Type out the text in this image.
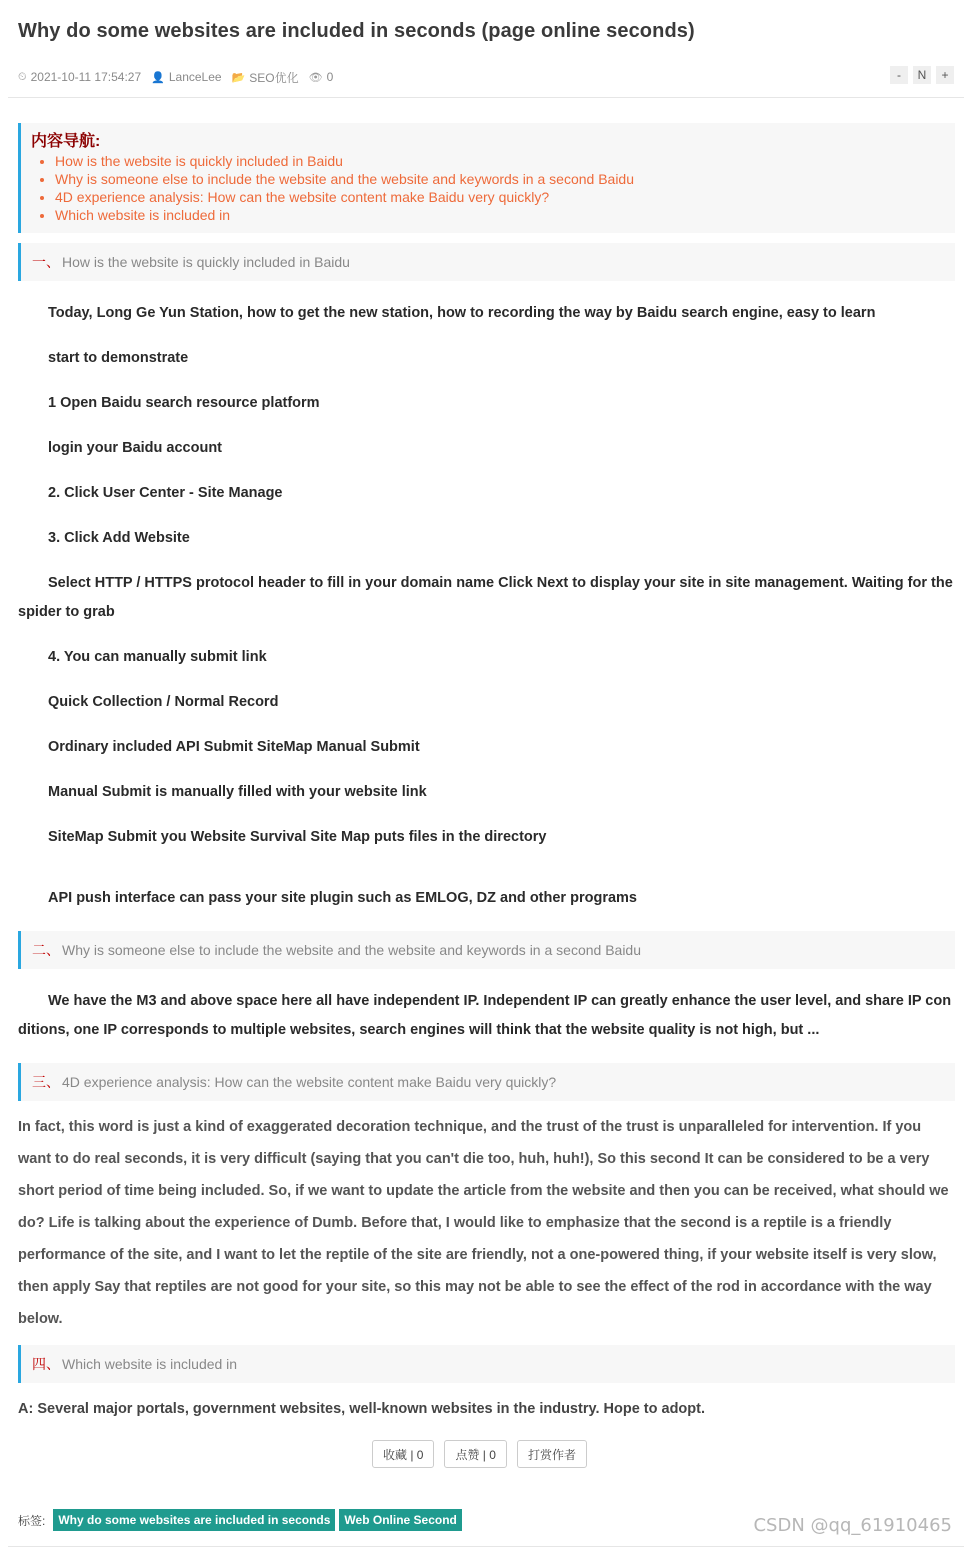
Why do some websites are included in seconds (page online seconds)
⏲ 2021-10-11 17:54:27 👤 LanceLee 📂 SEO优化 👁 0	-	N	+

内容导航:

• How is the website is quickly included in Baidu
• Why is someone else to include the website and the website and keywords in a second Baidu
• 4D experience analysis: How can the website content make Baidu very quickly?
• Which website is included in
一、 How is the website is quickly included in Baidu

Today, Long Ge Yun Station, how to get the new station, how to recording the way by Baidu search engine, easy to learn

start to demonstrate

1 Open Baidu search resource platform

login your Baidu account

2. Click User Center - Site Manage

3. Click Add Website

Select HTTP / HTTPS protocol header to fill in your domain name Click Next to display your site in site management. Waiting for the spider to grab

4. You can manually submit link

Quick Collection / Normal Record

Ordinary included API Submit SiteMap Manual Submit

Manual Submit is manually filled with your website link

SiteMap Submit you Website Survival Site Map puts files in the directory

API push interface can pass your site plugin such as EMLOG, DZ and other programs

二、 Why is someone else to include the website and the website and keywords in a second Baidu

We have the M3 and above space here all have independent IP. Independent IP can greatly enhance the user level, and share IP conditions, one IP corresponds to multiple websites, search engines will think that the website quality is not high, but ...

三、 4D experience analysis: How can the website content make Baidu very quickly?

In fact, this word is just a kind of exaggerated decoration technique, and the trust of the trust is unparalleled for intervention. If you want to do real seconds, it is very difficult (saying that you can't die too, huh, huh!), So this second It can be considered to be a very short period of time being included. So, if we want to update the article from the website and then you can be received, what should we do? Life is talking about the experience of Dumb. Before that, I would like to emphasize that the second is a reptile is a friendly performance of the site, and I want to let the reptile of the site are friendly, not a one-powered thing, if your website itself is very slow, then apply Say that reptiles are not good for your site, so this may not be able to see the effect of the rod in accordance with the way below.

四、 Which website is included in

A: Several major portals, government websites, well-known websites in the industry. Hope to adopt.

收藏 | 0	点赞 | 0	打赏作者
标签:	Why do some websites are included in seconds	Web Online Second	CSDN @qq_61910465
